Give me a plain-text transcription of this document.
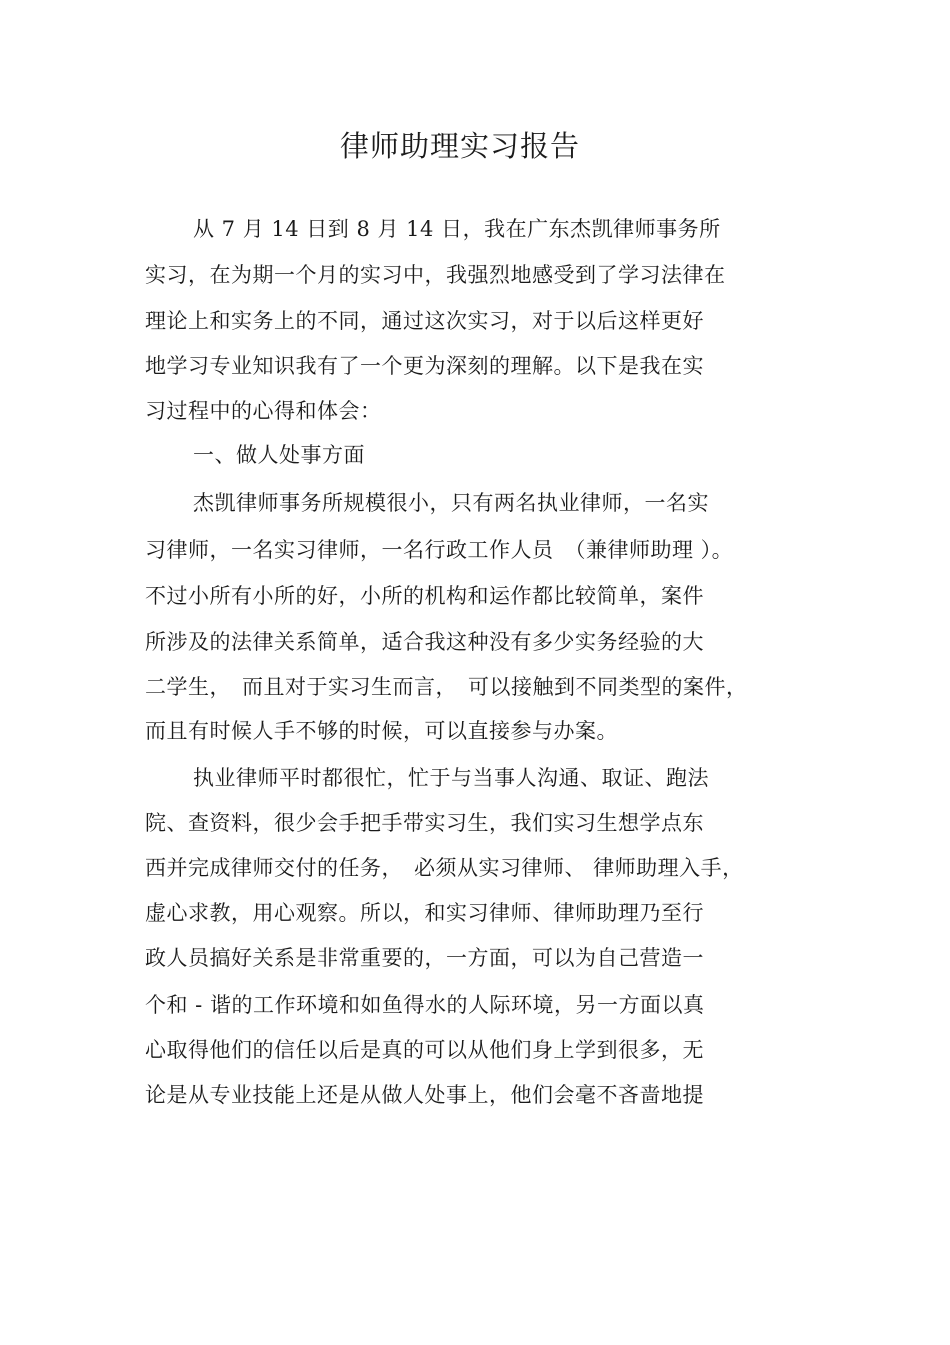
律师助理实习报告
从 7 月 14 日到 8 月 14 日，我在广东杰凯律师事务所
实习，在为期一个月的实习中，我强烈地感受到了学习法律在
理论上和实务上的不同，通过这次实习，对于以后这样更好
地学习专业知识我有了一个更为深刻的理解。以下是我在实
习过程中的心得和体会：
一、做人处事方面
杰凯律师事务所规模很小，只有两名执业律师，一名实
习律师，一名实习律师，一名行政工作人员　（兼律师助理 ）。
不过小所有小所的好，小所的机构和运作都比较简单，案件
所涉及的法律关系简单，适合我这种没有多少实务经验的大
二学生，　而且对于实习生而言，　可以接触到不同类型的案件，
而且有时候人手不够的时候，可以直接参与办案。
执业律师平时都很忙，忙于与当事人沟通、取证、跑法
院、查资料，很少会手把手带实习生，我们实习生想学点东
西并完成律师交付的任务，　必须从实习律师、 律师助理入手，
虚心求教，用心观察。所以，和实习律师、律师助理乃至行
政人员搞好关系是非常重要的，一方面，可以为自己营造一
个和 - 谐的工作环境和如鱼得水的人际环境，另一方面以真
心取得他们的信任以后是真的可以从他们身上学到很多，无
论是从专业技能上还是从做人处事上，他们会毫不吝啬地提
